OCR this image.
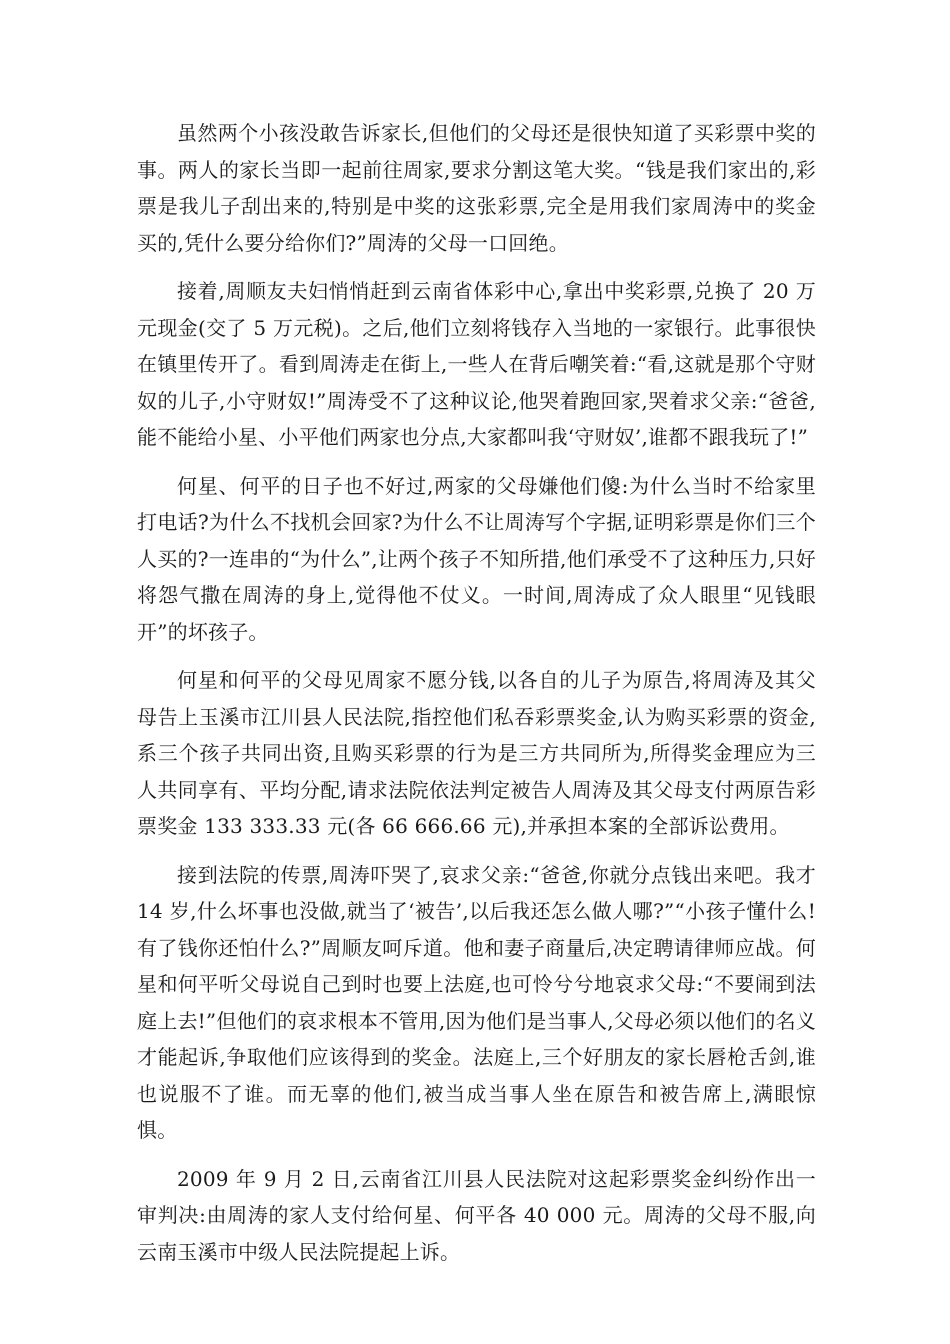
虽然两个小孩没敢告诉家长,但他们的父母还是很快知道了买彩票中奖的事。两人的家长当即一起前往周家,要求分割这笔大奖。“钱是我们家出的,彩票是我儿子刮出来的,特别是中奖的这张彩票,完全是用我们家周涛中的奖金买的,凭什么要分给你们?”周涛的父母一口回绝。

接着,周顺友夫妇悄悄赶到云南省体彩中心,拿出中奖彩票,兑换了 20 万元现金(交了 5 万元税)。之后,他们立刻将钱存入当地的一家银行。此事很快在镇里传开了。看到周涛走在街上,一些人在背后嘲笑着:“看,这就是那个守财奴的儿子,小守财奴!”周涛受不了这种议论,他哭着跑回家,哭着求父亲:“爸爸,能不能给小星、小平他们两家也分点,大家都叫我‘守财奴’,谁都不跟我玩了!”

何星、何平的日子也不好过,两家的父母嫌他们傻:为什么当时不给家里打电话?为什么不找机会回家?为什么不让周涛写个字据,证明彩票是你们三个人买的?一连串的“为什么”,让两个孩子不知所措,他们承受不了这种压力,只好将怨气撒在周涛的身上,觉得他不仗义。一时间,周涛成了众人眼里“见钱眼开”的坏孩子。

何星和何平的父母见周家不愿分钱,以各自的儿子为原告,将周涛及其父母告上玉溪市江川县人民法院,指控他们私吞彩票奖金,认为购买彩票的资金,系三个孩子共同出资,且购买彩票的行为是三方共同所为,所得奖金理应为三人共同享有、平均分配,请求法院依法判定被告人周涛及其父母支付两原告彩票奖金 133 333.33 元(各 66 666.66 元),并承担本案的全部诉讼费用。

接到法院的传票,周涛吓哭了,哀求父亲:“爸爸,你就分点钱出来吧。我才 14 岁,什么坏事也没做,就当了‘被告’,以后我还怎么做人哪?”“小孩子懂什么!有了钱你还怕什么?”周顺友呵斥道。他和妻子商量后,决定聘请律师应战。何星和何平听父母说自己到时也要上法庭,也可怜兮兮地哀求父母:“不要闹到法庭上去!”但他们的哀求根本不管用,因为他们是当事人,父母必须以他们的名义才能起诉,争取他们应该得到的奖金。法庭上,三个好朋友的家长唇枪舌剑,谁也说服不了谁。而无辜的他们,被当成当事人坐在原告和被告席上,满眼惊惧。

2009 年 9 月 2 日,云南省江川县人民法院对这起彩票奖金纠纷作出一审判决:由周涛的家人支付给何星、何平各 40 000 元。周涛的父母不服,向云南玉溪市中级人民法院提起上诉。
